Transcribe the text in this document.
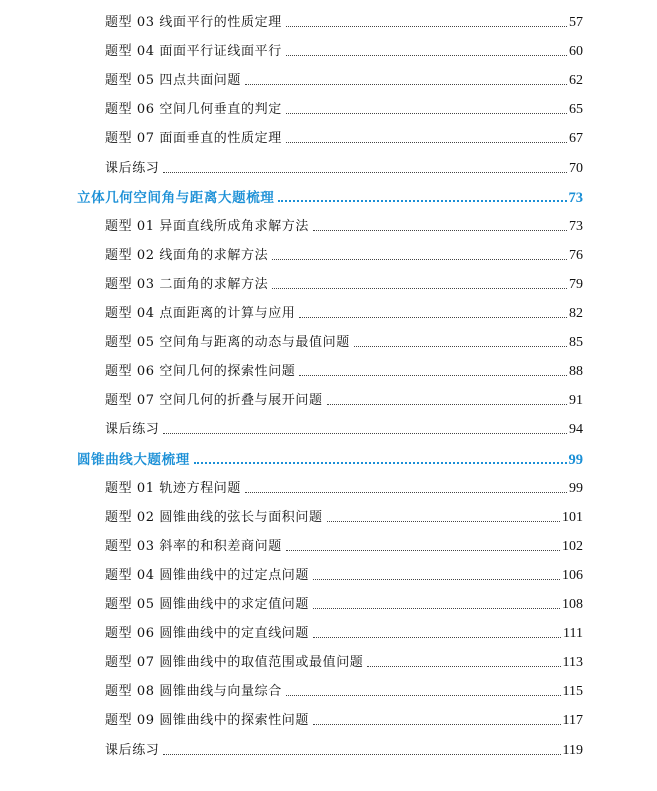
题型 03 线面平行的性质定理	57
题型 04 面面平行证线面平行	60
题型 05 四点共面问题	62
题型 06 空间几何垂直的判定	65
题型 07 面面垂直的性质定理	67
课后练习	70
立体几何空间角与距离大题梳理	73
题型 01 异面直线所成角求解方法	73
题型 02 线面角的求解方法	76
题型 03 二面角的求解方法	79
题型 04 点面距离的计算与应用	82
题型 05 空间角与距离的动态与最值问题	85
题型 06 空间几何的探索性问题	88
题型 07 空间几何的折叠与展开问题	91
课后练习	94
圆锥曲线大题梳理	99
题型 01 轨迹方程问题	99
题型 02 圆锥曲线的弦长与面积问题	101
题型 03 斜率的和积差商问题	102
题型 04 圆锥曲线中的过定点问题	106
题型 05 圆锥曲线中的求定值问题	108
题型 06 圆锥曲线中的定直线问题	111
题型 07 圆锥曲线中的取值范围或最值问题	113
题型 08 圆锥曲线与向量综合	115
题型 09 圆锥曲线中的探索性问题	117
课后练习	119
